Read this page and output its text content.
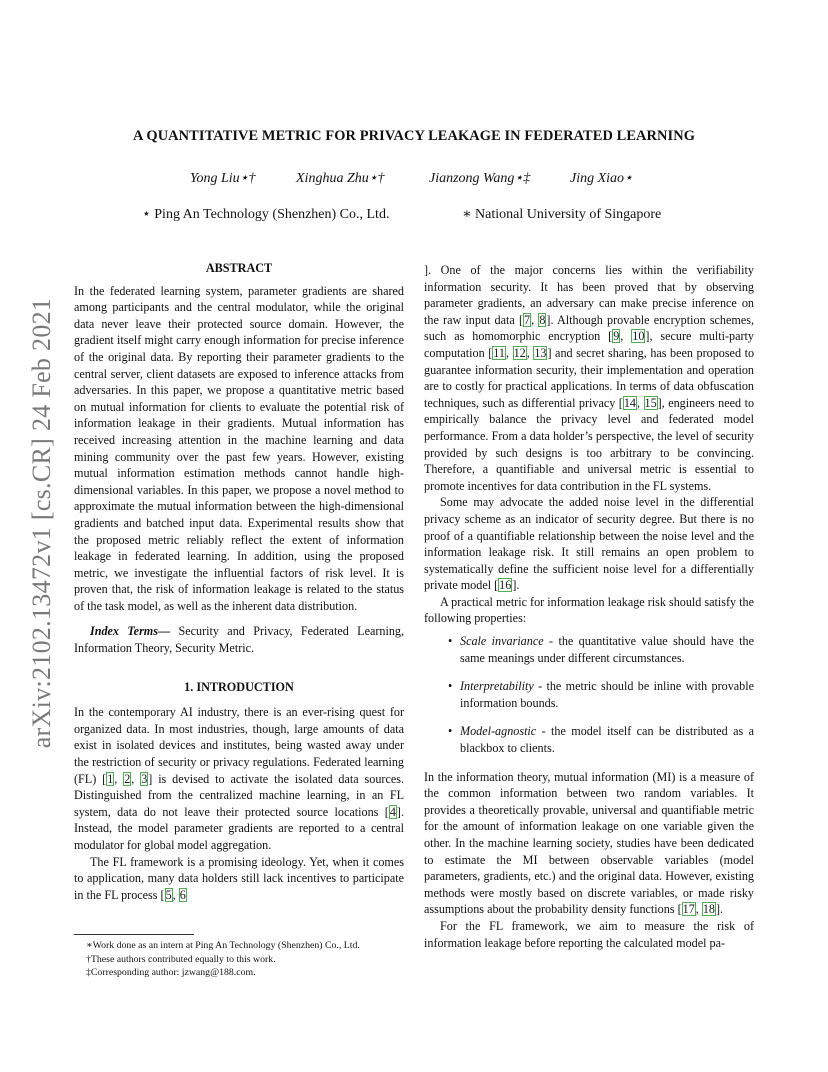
arXiv:2102.13472v1 [cs.CR] 24 Feb 2021
A QUANTITATIVE METRIC FOR PRIVACY LEAKAGE IN FEDERATED LEARNING
Yong Liu⋆†	Xinghua Zhu⋆†	Jianzong Wang⋆‡	Jing Xiao⋆
⋆ Ping An Technology (Shenzhen) Co., Ltd.	∗ National University of Singapore
ABSTRACT

In the federated learning system, parameter gradients are shared among participants and the central modulator, while the original data never leave their protected source domain. However, the gradient itself might carry enough information for precise inference of the original data. By reporting their parameter gradients to the central server, client datasets are exposed to inference attacks from adversaries. In this paper, we propose a quantitative metric based on mutual information for clients to evaluate the potential risk of information leakage in their gradients. Mutual information has received increasing attention in the machine learning and data mining community over the past few years. However, existing mutual information estimation methods cannot handle high-dimensional variables. In this paper, we propose a novel method to approximate the mutual information between the high-dimensional gradients and batched input data. Experimental results show that the proposed metric reliably reflect the extent of information leakage in federated learning. In addition, using the proposed metric, we investigate the influential factors of risk level. It is proven that, the risk of information leakage is related to the status of the task model, as well as the inherent data distribution.

Index Terms— Security and Privacy, Federated Learning, Information Theory, Security Metric.

1. INTRODUCTION

In the contemporary AI industry, there is an ever-rising quest for organized data. In most industries, though, large amounts of data exist in isolated devices and institutes, being wasted away under the restriction of security or privacy regulations. Federated learning (FL) [1, 2, 3] is devised to activate the isolated data sources. Distinguished from the centralized machine learning, in an FL system, data do not leave their protected source locations [4]. Instead, the model parameter gradients are reported to a central modulator for global model aggregation.

The FL framework is a promising ideology. Yet, when it comes to application, many data holders still lack incentives to participate in the FL process [5, 6

]. One of the major concerns lies within the verifiability information security. It has been proved that by observing parameter gradients, an adversary can make precise inference on the raw input data [7, 8]. Although provable encryption schemes, such as homomorphic encryption [9, 10], secure multi-party computation [11, 12, 13] and secret sharing, has been proposed to guarantee information security, their implementation and operation are to costly for practical applications. In terms of data obfuscation techniques, such as differential privacy [14, 15], engineers need to empirically balance the privacy level and federated model performance. From a data holder’s perspective, the level of security provided by such designs is too arbitrary to be convincing. Therefore, a quantifiable and universal metric is essential to promote incentives for data contribution in the FL systems.

Some may advocate the added noise level in the differential privacy scheme as an indicator of security degree. But there is no proof of a quantifiable relationship between the noise level and the information leakage risk. It still remains an open problem to systematically define the sufficient noise level for a differentially private model [16].

A practical metric for information leakage risk should satisfy the following properties:

• Scale invariance - the quantitative value should have the same meanings under different circumstances.
• Interpretability - the metric should be inline with provable information bounds.
• Model-agnostic - the model itself can be distributed as a blackbox to clients.

In the information theory, mutual information (MI) is a measure of the common information between two random variables. It provides a theoretically provable, universal and quantifiable metric for the amount of information leakage on one variable given the other. In the machine learning society, studies have been dedicated to estimate the MI between observable variables (model parameters, gradients, etc.) and the original data. However, existing methods were mostly based on discrete variables, or made risky assumptions about the probability density functions [17, 18].

For the FL framework, we aim to measure the risk of information leakage before reporting the calculated model pa-

∗Work done as an intern at Ping An Technology (Shenzhen) Co., Ltd.
†These authors contributed equally to this work.
‡Corresponding author: jzwang@188.com.
